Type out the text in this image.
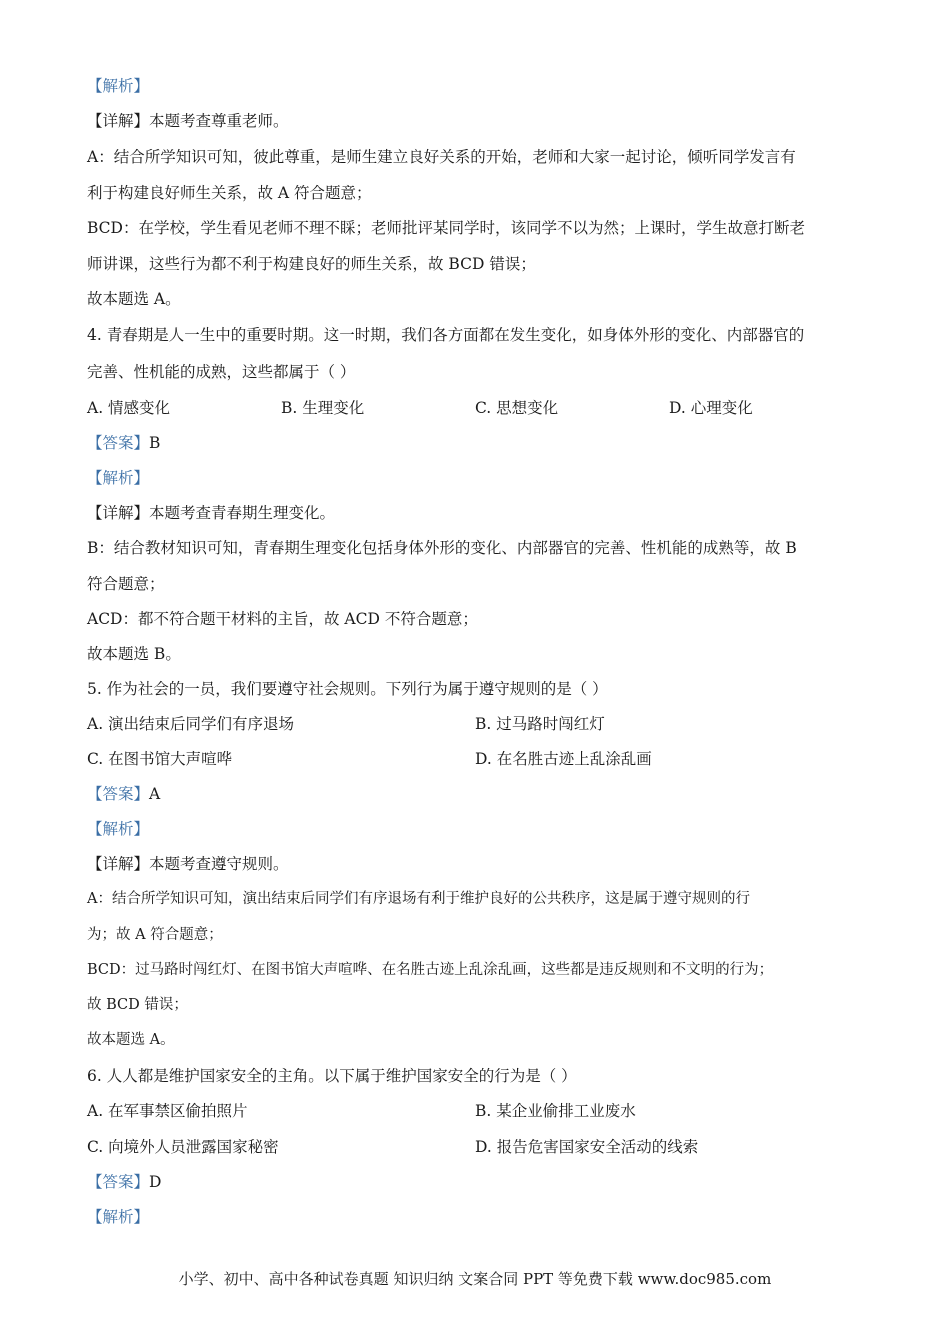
【解析】
【详解】本题考查尊重老师。
A：结合所学知识可知，彼此尊重，是师生建立良好关系的开始，老师和大家一起讨论，倾听同学发言有
利于构建良好师生关系，故 A 符合题意；
BCD：在学校，学生看见老师不理不睬；老师批评某同学时，该同学不以为然；上课时，学生故意打断老
师讲课，这些行为都不利于构建良好的师生关系，故 BCD 错误；
故本题选 A。
4. 青春期是人一生中的重要时期。这一时期，我们各方面都在发生变化，如身体外形的变化、内部器官的
完善、性机能的成熟，这些都属于（ ）
A. 情感变化	B. 生理变化	C. 思想变化	D. 心理变化
【答案】B
【解析】
【详解】本题考查青春期生理变化。
B：结合教材知识可知，青春期生理变化包括身体外形的变化、内部器官的完善、性机能的成熟等，故 B
符合题意；
ACD：都不符合题干材料的主旨，故 ACD 不符合题意；
故本题选 B。
5. 作为社会的一员，我们要遵守社会规则。下列行为属于遵守规则的是（ ）
A. 演出结束后同学们有序退场	B. 过马路时闯红灯
C. 在图书馆大声喧哗	D. 在名胜古迹上乱涂乱画
【答案】A
【解析】
【详解】本题考查遵守规则。
A：结合所学知识可知，演出结束后同学们有序退场有利于维护良好的公共秩序，这是属于遵守规则的行
为；故 A 符合题意；
BCD：过马路时闯红灯、在图书馆大声喧哗、在名胜古迹上乱涂乱画，这些都是违反规则和不文明的行为；
故 BCD 错误；
故本题选 A。
6. 人人都是维护国家安全的主角。以下属于维护国家安全的行为是（ ）
A. 在军事禁区偷拍照片	B. 某企业偷排工业废水
C. 向境外人员泄露国家秘密	D. 报告危害国家安全活动的线索
【答案】D
【解析】
小学、初中、高中各种试卷真题 知识归纳 文案合同 PPT 等免费下载 www.doc985.com
